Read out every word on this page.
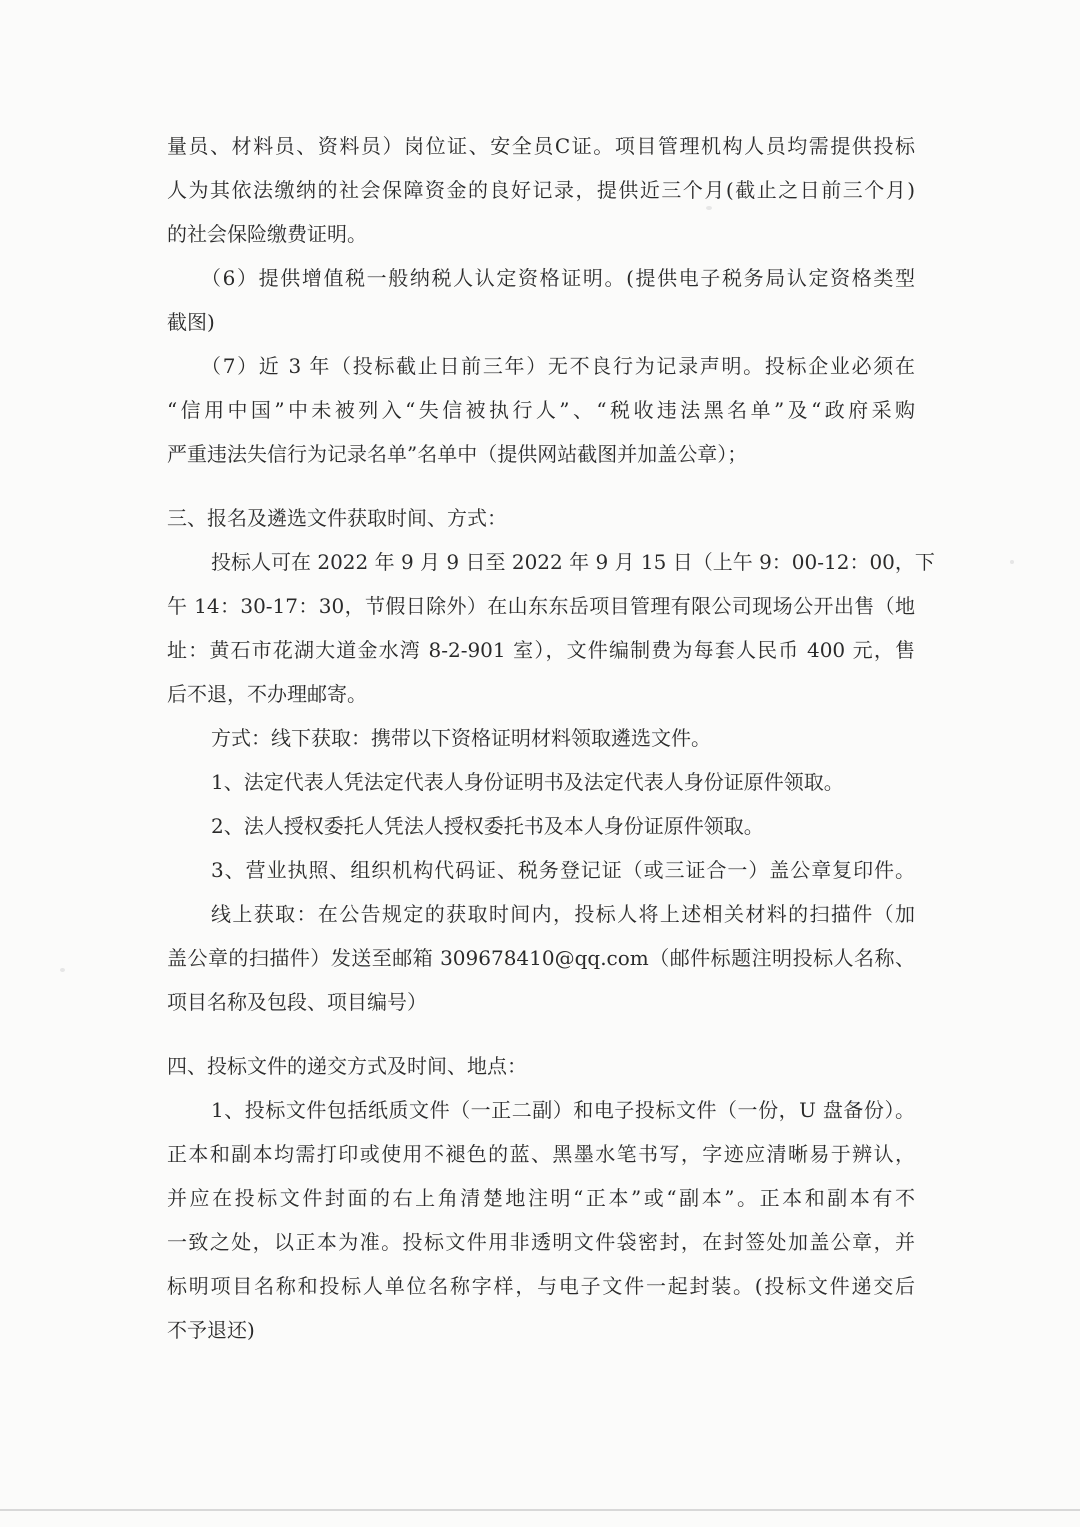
量员、材料员、资料员）岗位证、安全员C证。项目管理机构人员均需提供投标
人为其依法缴纳的社会保障资金的良好记录，提供近三个月(截止之日前三个月)
的社会保险缴费证明。
（6）提供增值税一般纳税人认定资格证明。(提供电子税务局认定资格类型
截图)
（7）近 3 年（投标截止日前三年）无不良行为记录声明。投标企业必须在
“信用中国”中未被列入“失信被执行人”、“税收违法黑名单”及“政府采购
严重违法失信行为记录名单”名单中（提供网站截图并加盖公章）；
三、报名及遴选文件获取时间、方式：
投标人可在 2022 年 9 月 9 日至 2022 年 9 月 15 日（上午 9：00-12：00，下
午 14：30-17：30，节假日除外）在山东东岳项目管理有限公司现场公开出售（地
址：黄石市花湖大道金水湾 8-2-901 室），文件编制费为每套人民币 400 元，售
后不退，不办理邮寄。
方式：线下获取：携带以下资格证明材料领取遴选文件。
1、法定代表人凭法定代表人身份证明书及法定代表人身份证原件领取。
2、法人授权委托人凭法人授权委托书及本人身份证原件领取。
3、营业执照、组织机构代码证、税务登记证（或三证合一）盖公章复印件。
线上获取：在公告规定的获取时间内，投标人将上述相关材料的扫描件（加
盖公章的扫描件）发送至邮箱 309678410@qq.com（邮件标题注明投标人名称、
项目名称及包段、项目编号）
四、投标文件的递交方式及时间、地点：
1、投标文件包括纸质文件（一正二副）和电子投标文件（一份，U 盘备份）。
正本和副本均需打印或使用不褪色的蓝、黑墨水笔书写，字迹应清晰易于辨认，
并应在投标文件封面的右上角清楚地注明“正本”或“副本”。正本和副本有不
一致之处，以正本为准。投标文件用非透明文件袋密封，在封签处加盖公章，并
标明项目名称和投标人单位名称字样，与电子文件一起封装。(投标文件递交后
不予退还)
